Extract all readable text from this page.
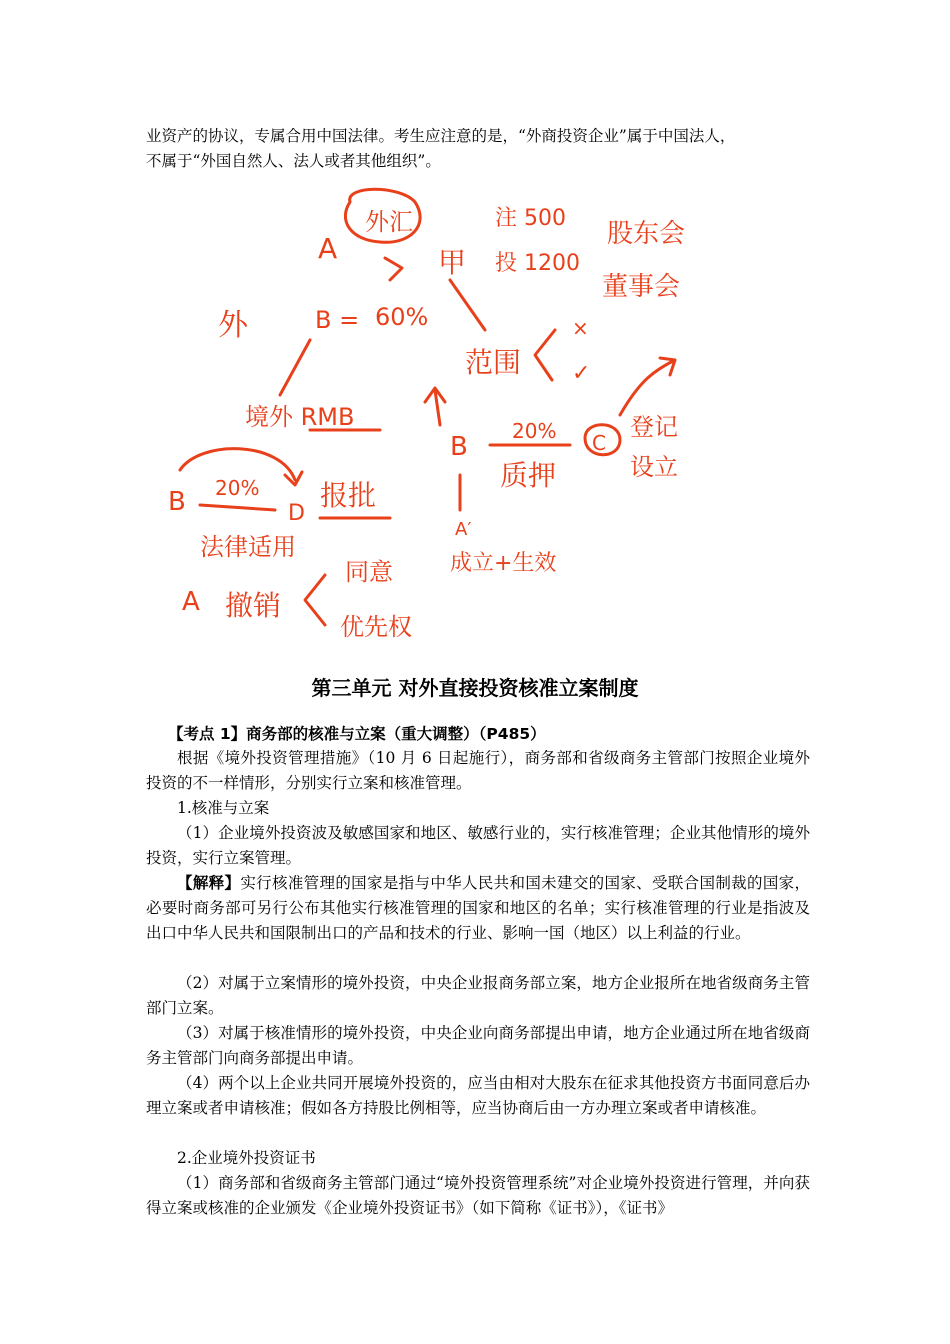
业资产的协议，专属合用中国法律。考生应注意的是，“外商投资企业”属于中国法人，

不属于“外国自然人、法人或者其他组织”。

外汇
A	甲
注 500
投 1200
股东会
董事会
外	B = 60%
范围
×
✓
境外 RMB
B
20%
质押
C
登记
设立
B 20%
D
报批
法律适用
A′
成立+生效
A 撤销
同意
优先权
第三单元 对外直接投资核准立案制度

【考点 1】商务部的核准与立案（重大调整）（P485）

根据《境外投资管理措施》（10 月 6 日起施行），商务部和省级商务主管部门按照企业境外投资的不一样情形，分别实行立案和核准管理。

1.核准与立案

（1）企业境外投资波及敏感国家和地区、敏感行业的，实行核准管理；企业其他情形的境外投资，实行立案管理。

【解释】实行核准管理的国家是指与中华人民共和国未建交的国家、受联合国制裁的国家，必要时商务部可另行公布其他实行核准管理的国家和地区的名单；实行核准管理的行业是指波及出口中华人民共和国限制出口的产品和技术的行业、影响一国（地区）以上利益的行业。

（2）对属于立案情形的境外投资，中央企业报商务部立案，地方企业报所在地省级商务主管部门立案。

（3）对属于核准情形的境外投资，中央企业向商务部提出申请，地方企业通过所在地省级商务主管部门向商务部提出申请。

（4）两个以上企业共同开展境外投资的，应当由相对大股东在征求其他投资方书面同意后办理立案或者申请核准；假如各方持股比例相等，应当协商后由一方办理立案或者申请核准。

2.企业境外投资证书

（1）商务部和省级商务主管部门通过“境外投资管理系统”对企业境外投资进行管理，并向获得立案或核准的企业颁发《企业境外投资证书》（如下简称《证书》），《证书》
